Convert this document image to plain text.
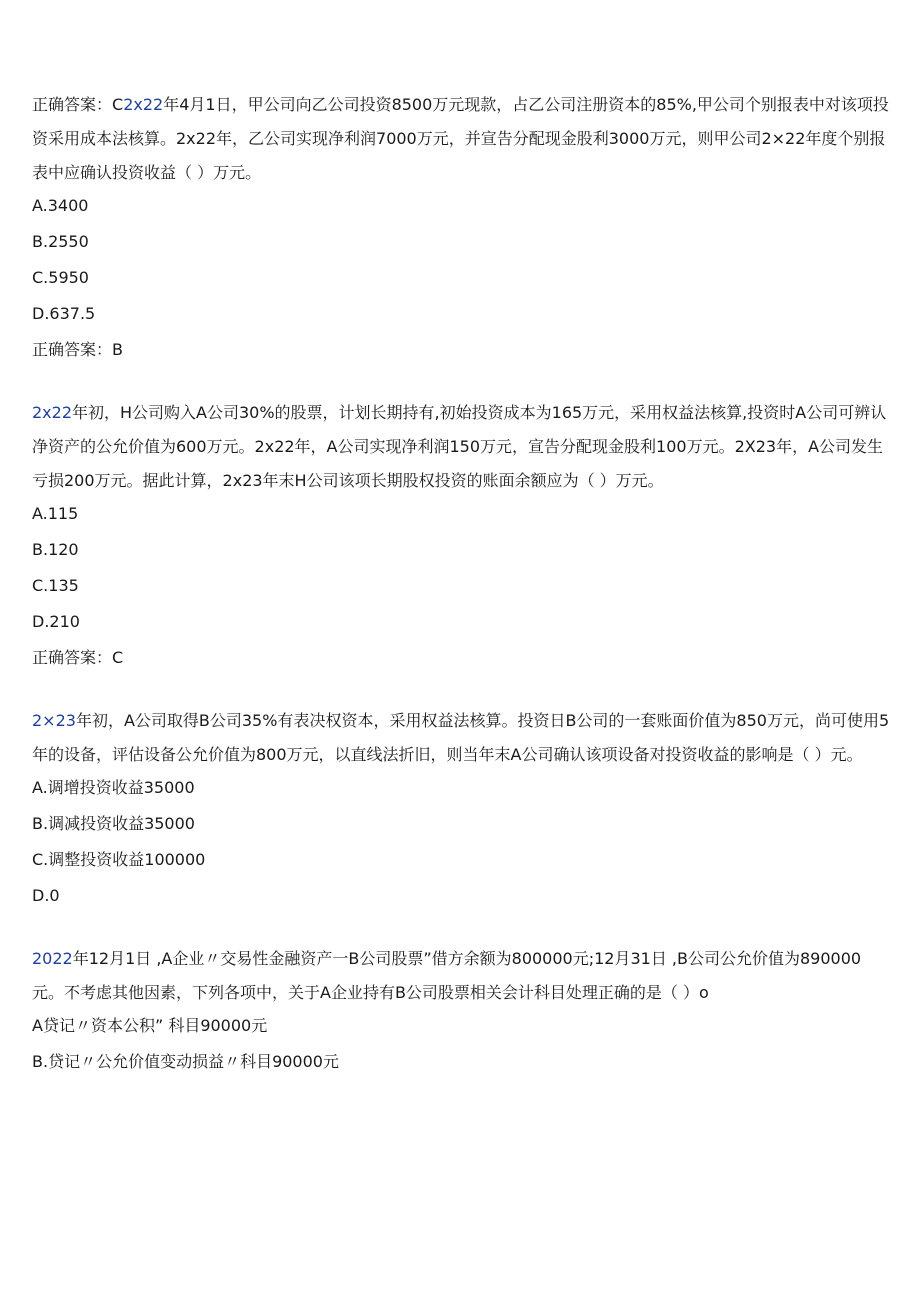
正确答案：C2x22年4月1日，甲公司向乙公司投资8500万元现款，占乙公司注册资本的85%,甲公司个别报表中对该项投资采用成本法核算。2x22年，乙公司实现净利润7000万元，并宣告分配现金股利3000万元，则甲公司2×22年度个别报表中应确认投资收益（ ）万元。

A.3400

B.2550

C.5950

D.637.5

正确答案：B

2x22年初，H公司购入A公司30%的股票，计划长期持有,初始投资成本为165万元，采用权益法核算,投资时A公司可辨认净资产的公允价值为600万元。2x22年，A公司实现净利润150万元，宣告分配现金股利100万元。2X23年，A公司发生亏损200万元。据此计算，2x23年末H公司该项长期股权投资的账面余额应为（ ）万元。

A.115

B.120

C.135

D.210

正确答案：C

2×23年初，A公司取得B公司35%有表决权资本，采用权益法核算。投资日B公司的一套账面价值为850万元，尚可使用5年的设备，评估设备公允价值为800万元，以直线法折旧，则当年末A公司确认该项设备对投资收益的影响是（ ）元。

A.调增投资收益35000

B.调减投资收益35000

C.调整投资收益100000

D.0

2022年12月1日 ,A企业〃交易性金融资产一B公司股票”借方余额为800000元;12月31日 ,B公司公允价值为890000元。不考虑其他因素，下列各项中，关于A企业持有B公司股票相关会计科目处理正确的是（ ）o

A贷记〃资本公积” 科目90000元

B.贷记〃公允价值变动损益〃科目90000元
